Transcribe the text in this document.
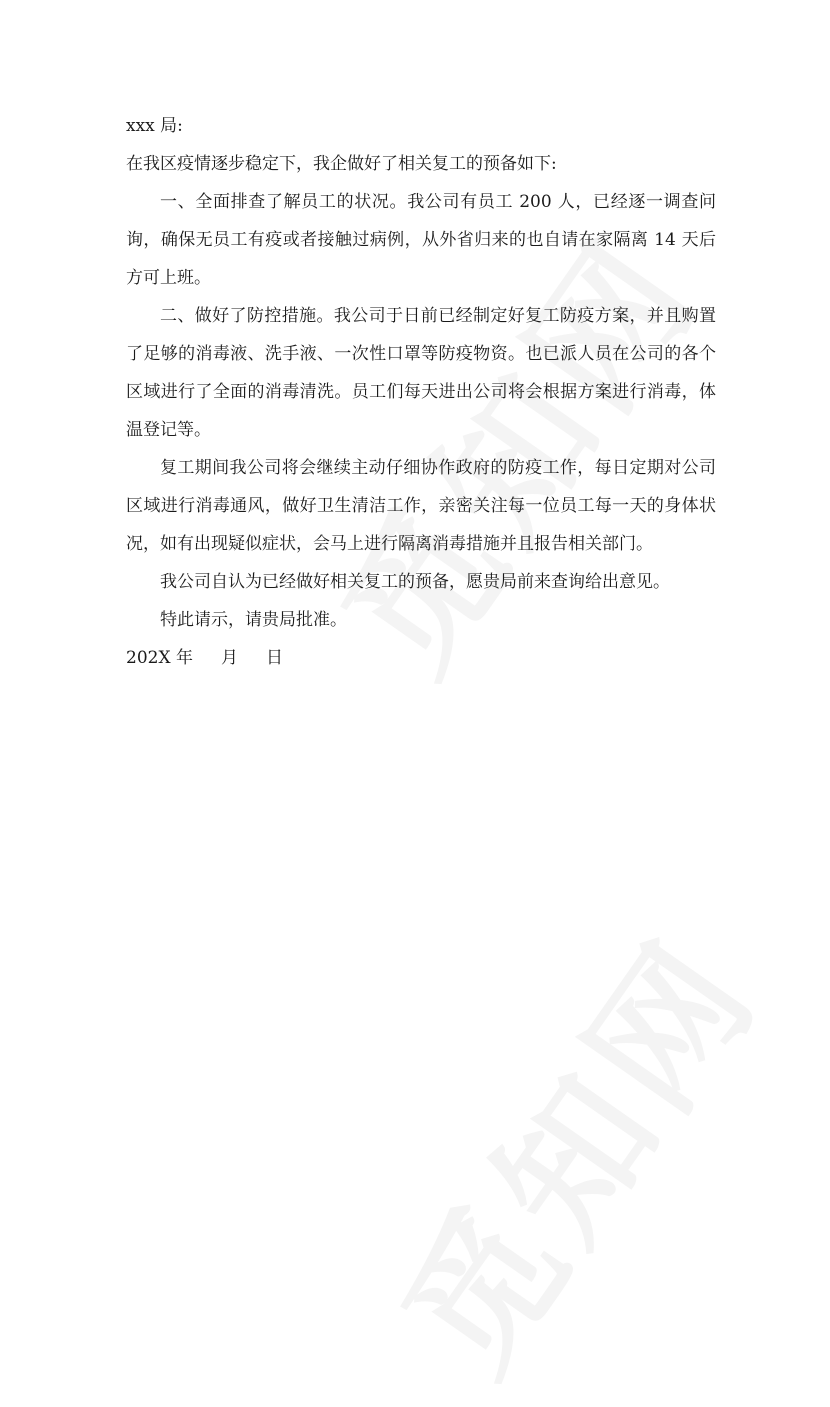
xxx 局:

在我区疫情逐步稳定下，我企做好了相关复工的预备如下:

一、全面排查了解员工的状况。我公司有员工 200 人，已经逐一调查问询，确保无员工有疫或者接触过病例，从外省归来的也自请在家隔离 14 天后方可上班。

二、做好了防控措施。我公司于日前已经制定好复工防疫方案，并且购置了足够的消毒液、洗手液、一次性口罩等防疫物资。也已派人员在公司的各个区域进行了全面的消毒清洗。员工们每天进出公司将会根据方案进行消毒，体温登记等。

复工期间我公司将会继续主动仔细协作政府的防疫工作，每日定期对公司区域进行消毒通风，做好卫生清洁工作，亲密关注每一位员工每一天的身体状况，如有出现疑似症状，会马上进行隔离消毒措施并且报告相关部门。

我公司自认为已经做好相关复工的预备，愿贵局前来查询给出意见。

特此请示，请贵局批准。

202X 年 月 日
